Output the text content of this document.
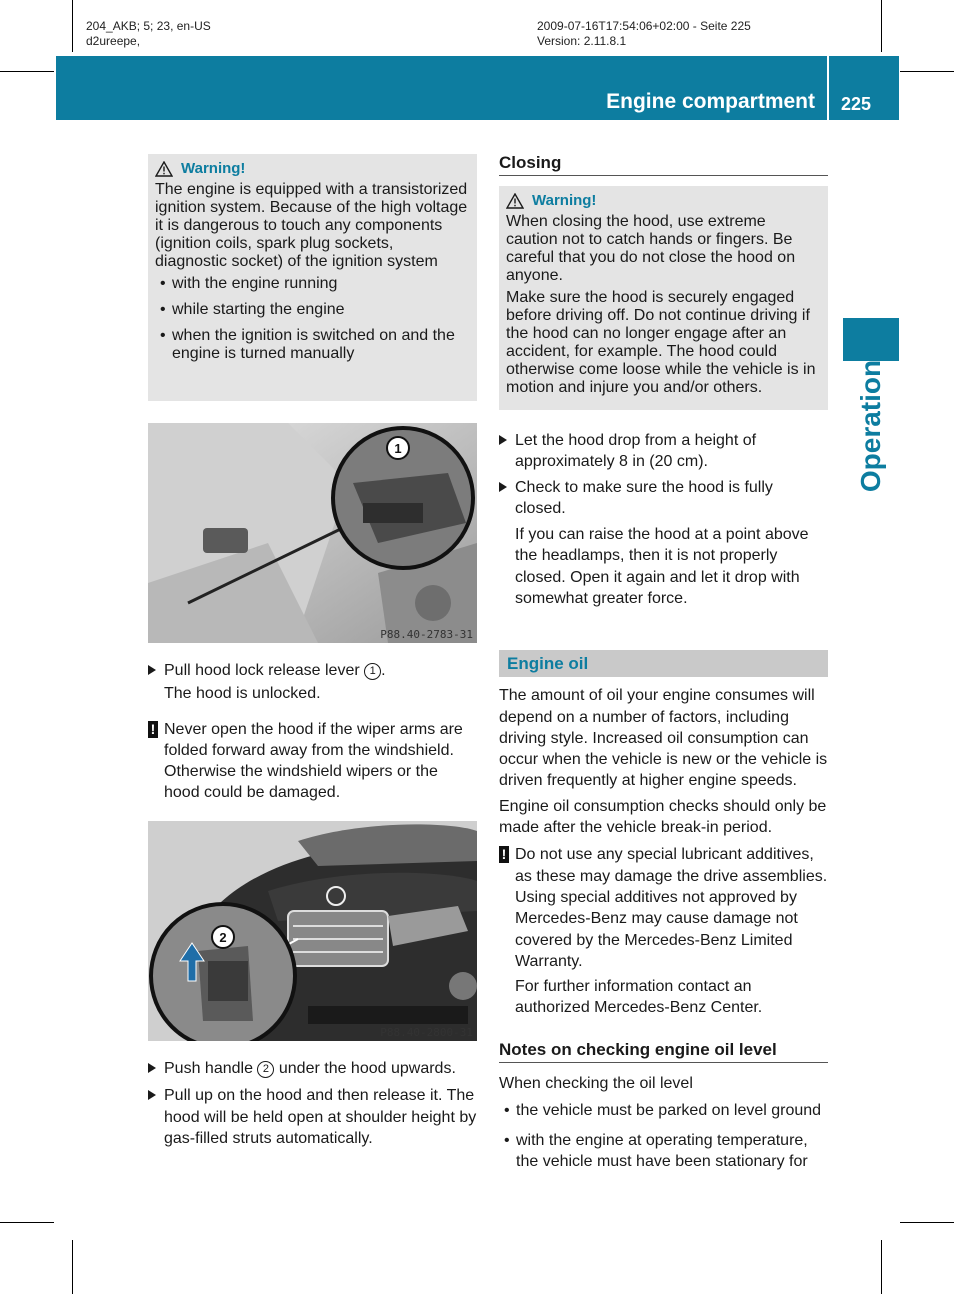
204_AKB; 5; 23, en-US
d2ureepe,
2009-07-16T17:54:06+02:00 - Seite 225
Version: 2.11.8.1
Engine compartment 225
Operation
Warning!

The engine is equipped with a transistorized ignition system. Because of the high voltage it is dangerous to touch any components (ignition coils, spark plug sockets, diagnostic socket) of the ignition system

• with the engine running
• while starting the engine
• when the ignition is switched on and the engine is turned manually
1
P88.40-2783-31
Pull hood lock release lever 1 .
The hood is unlocked.
! Never open the hood if the wiper arms are folded forward away from the windshield. Otherwise the windshield wipers or the hood could be damaged.
2
P88.40-2800-31
Push handle 2 under the hood upwards.
Pull up on the hood and then release it. The hood will be held open at shoulder height by gas-filled struts automatically.
Closing
Warning!

When closing the hood, use extreme caution not to catch hands or fingers. Be careful that you do not close the hood on anyone.

Make sure the hood is securely engaged before driving off. Do not continue driving if the hood can no longer engage after an accident, for example. The hood could otherwise come loose while the vehicle is in motion and injure you and/or others.

Let the hood drop from a height of approximately 8 in (20 cm).
Check to make sure the hood is fully closed.
If you can raise the hood at a point above the headlamps, then it is not properly closed. Open it again and let it drop with somewhat greater force.
Engine oil

The amount of oil your engine consumes will depend on a number of factors, including driving style. Increased oil consumption can occur when the vehicle is new or the vehicle is driven frequently at higher engine speeds.

Engine oil consumption checks should only be made after the vehicle break-in period.

! Do not use any special lubricant additives, as these may damage the drive assemblies. Using special additives not approved by Mercedes-Benz may cause damage not covered by the Mercedes-Benz Limited Warranty.
For further information contact an authorized Mercedes-Benz Center.
Notes on checking engine oil level

When checking the oil level

• the vehicle must be parked on level ground
• with the engine at operating temperature, the vehicle must have been stationary for
